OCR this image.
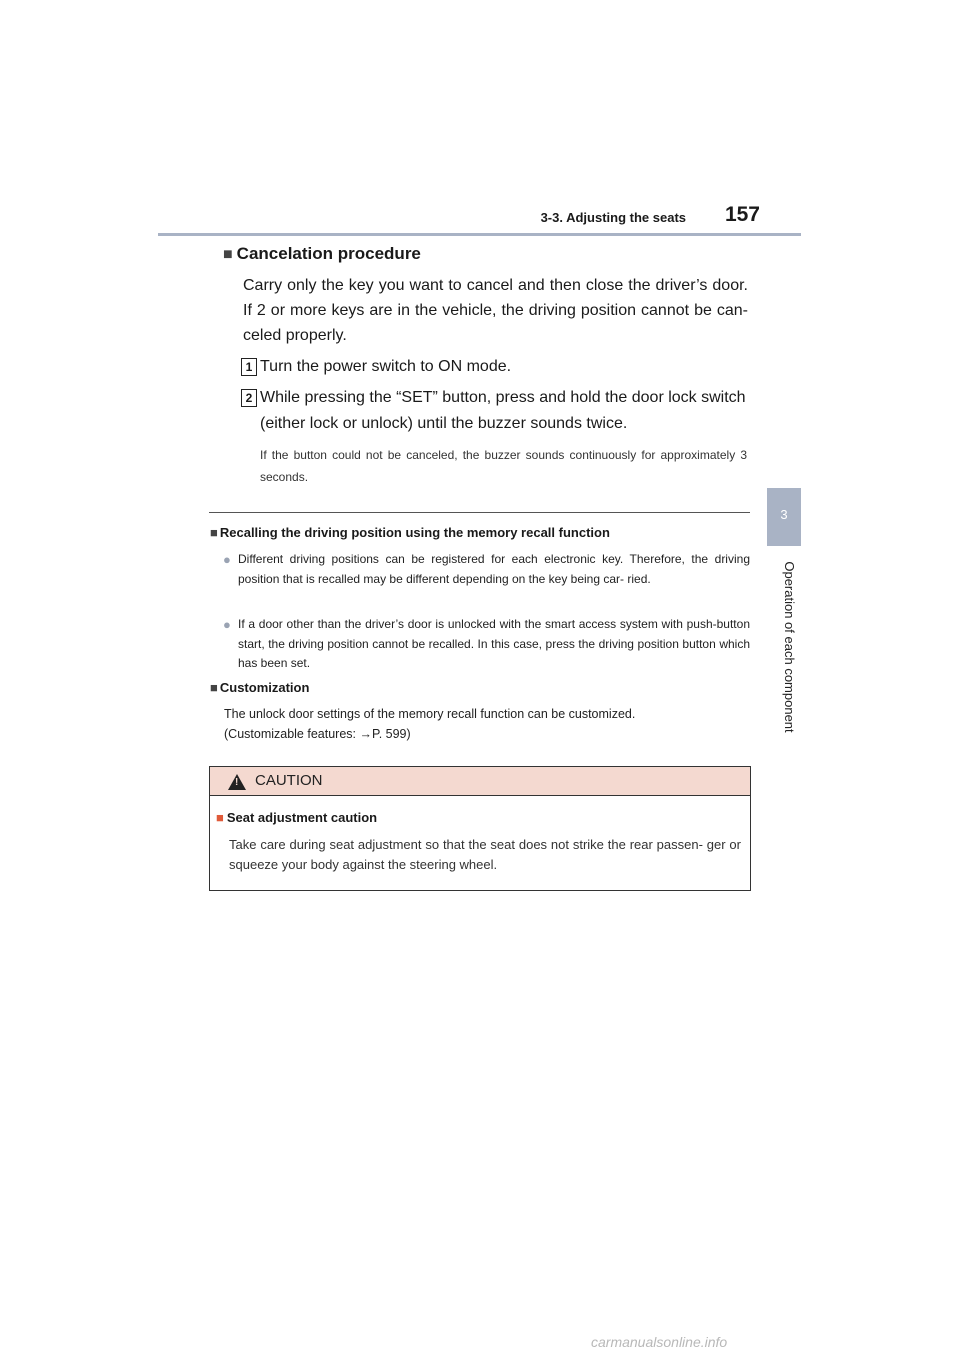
3-3. Adjusting the seats	157
3
Operation of each component
■ Cancelation procedure
Carry only the key you want to cancel and then close the driver’s door. If 2 or more keys are in the vehicle, the driving position cannot be can- celed properly.
1 Turn the power switch to ON mode.
2 While pressing the “SET” button, press and hold the door lock switch (either lock or unlock) until the buzzer sounds twice.
If the button could not be canceled, the buzzer sounds continuously for approximately 3 seconds.
■ Recalling the driving position using the memory recall function
● Different driving positions can be registered for each electronic key. Therefore, the driving position that is recalled may be different depending on the key being car- ried.
● If a door other than the driver’s door is unlocked with the smart access system with push-button start, the driving position cannot be recalled. In this case, press the driving position button which has been set.
■ Customization
The unlock door settings of the memory recall function can be customized.
(Customizable features: →P. 599)
!
CAUTION
■ Seat adjustment caution
Take care during seat adjustment so that the seat does not strike the rear passen- ger or squeeze your body against the steering wheel.
carmanualsonline.info
